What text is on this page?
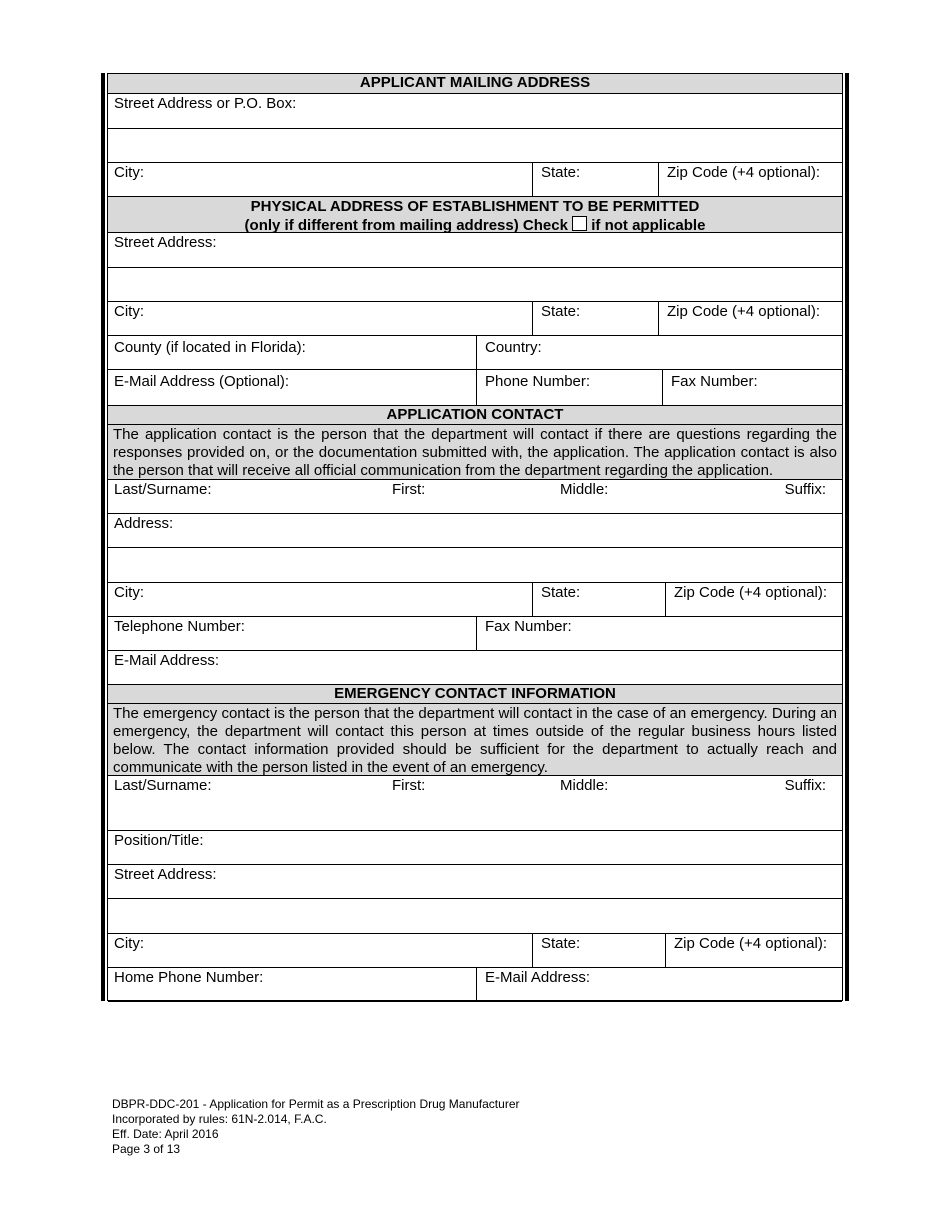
APPLICANT MAILING ADDRESS
Street Address or P.O. Box:
City:	State:	Zip Code (+4 optional):
PHYSICAL ADDRESS OF ESTABLISHMENT TO BE PERMITTED
(only if different from mailing address) Check if not applicable
Street Address:
City:	State:	Zip Code (+4 optional):
County (if located in Florida):	Country:
E-Mail Address (Optional):	Phone Number:	Fax Number:
APPLICATION CONTACT
The application contact is the person that the department will contact if there are questions regarding the responses provided on, or the documentation submitted with, the application. The application contact is also the person that will receive all official communication from the department regarding the application.
Last/Surname:	First:	Middle:	Suffix:
Address:
City:	State:	Zip Code (+4 optional):
Telephone Number:	Fax Number:
E-Mail Address:
EMERGENCY CONTACT INFORMATION
The emergency contact is the person that the department will contact in the case of an emergency. During an emergency, the department will contact this person at times outside of the regular business hours listed below. The contact information provided should be sufficient for the department to actually reach and communicate with the person listed in the event of an emergency.
Last/Surname:	First:	Middle:	Suffix:
Position/Title:
Street Address:
City:	State:	Zip Code (+4 optional):
Home Phone Number:	E-Mail Address:
DBPR-DDC-201 - Application for Permit as a Prescription Drug Manufacturer
Incorporated by rules: 61N-2.014, F.A.C.
Eff. Date: April 2016
Page 3 of 13
